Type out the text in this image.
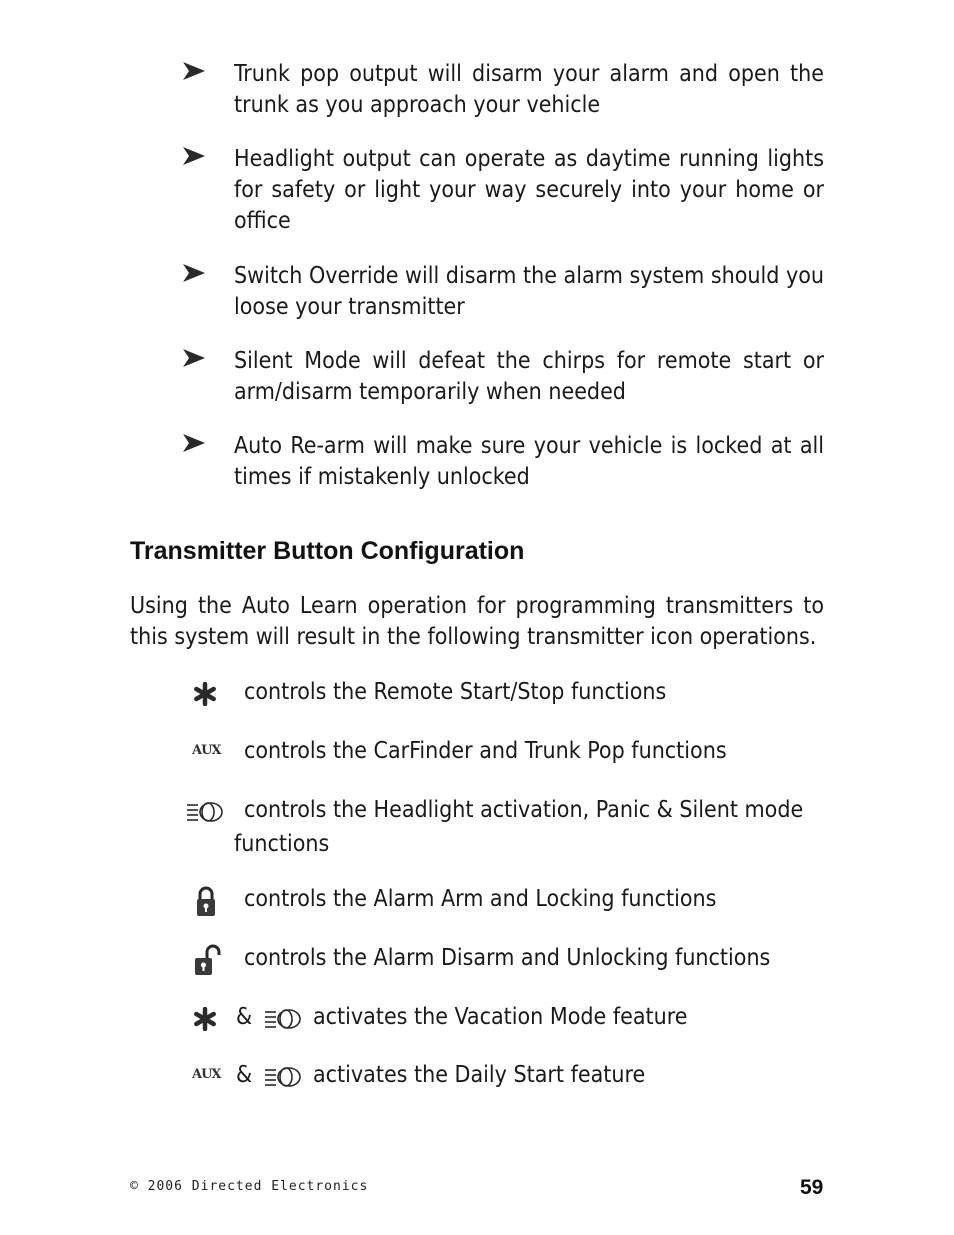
Trunk pop output will disarm your alarm and open the trunk as you approach your vehicle
Headlight output can operate as daytime running lights for safety or light your way securely into your home or office
Switch Override will disarm the alarm system should you loose your transmitter
Silent Mode will defeat the chirps for remote start or arm/disarm temporarily when needed
Auto Re-arm will make sure your vehicle is locked at all times if mistakenly unlocked
Transmitter Button Configuration
Using the Auto Learn operation for programming transmitters to this system will result in the following transmitter icon operations.
controls the Remote Start/Stop functions
AUX controls the CarFinder and Trunk Pop functions
controls the Headlight activation, Panic & Silent mode
functions
controls the Alarm Arm and Locking functions
controls the Alarm Disarm and Unlocking functions
&	activates the Vacation Mode feature
AUX &	activates the Daily Start feature
© 2006 Directed Electronics	59
